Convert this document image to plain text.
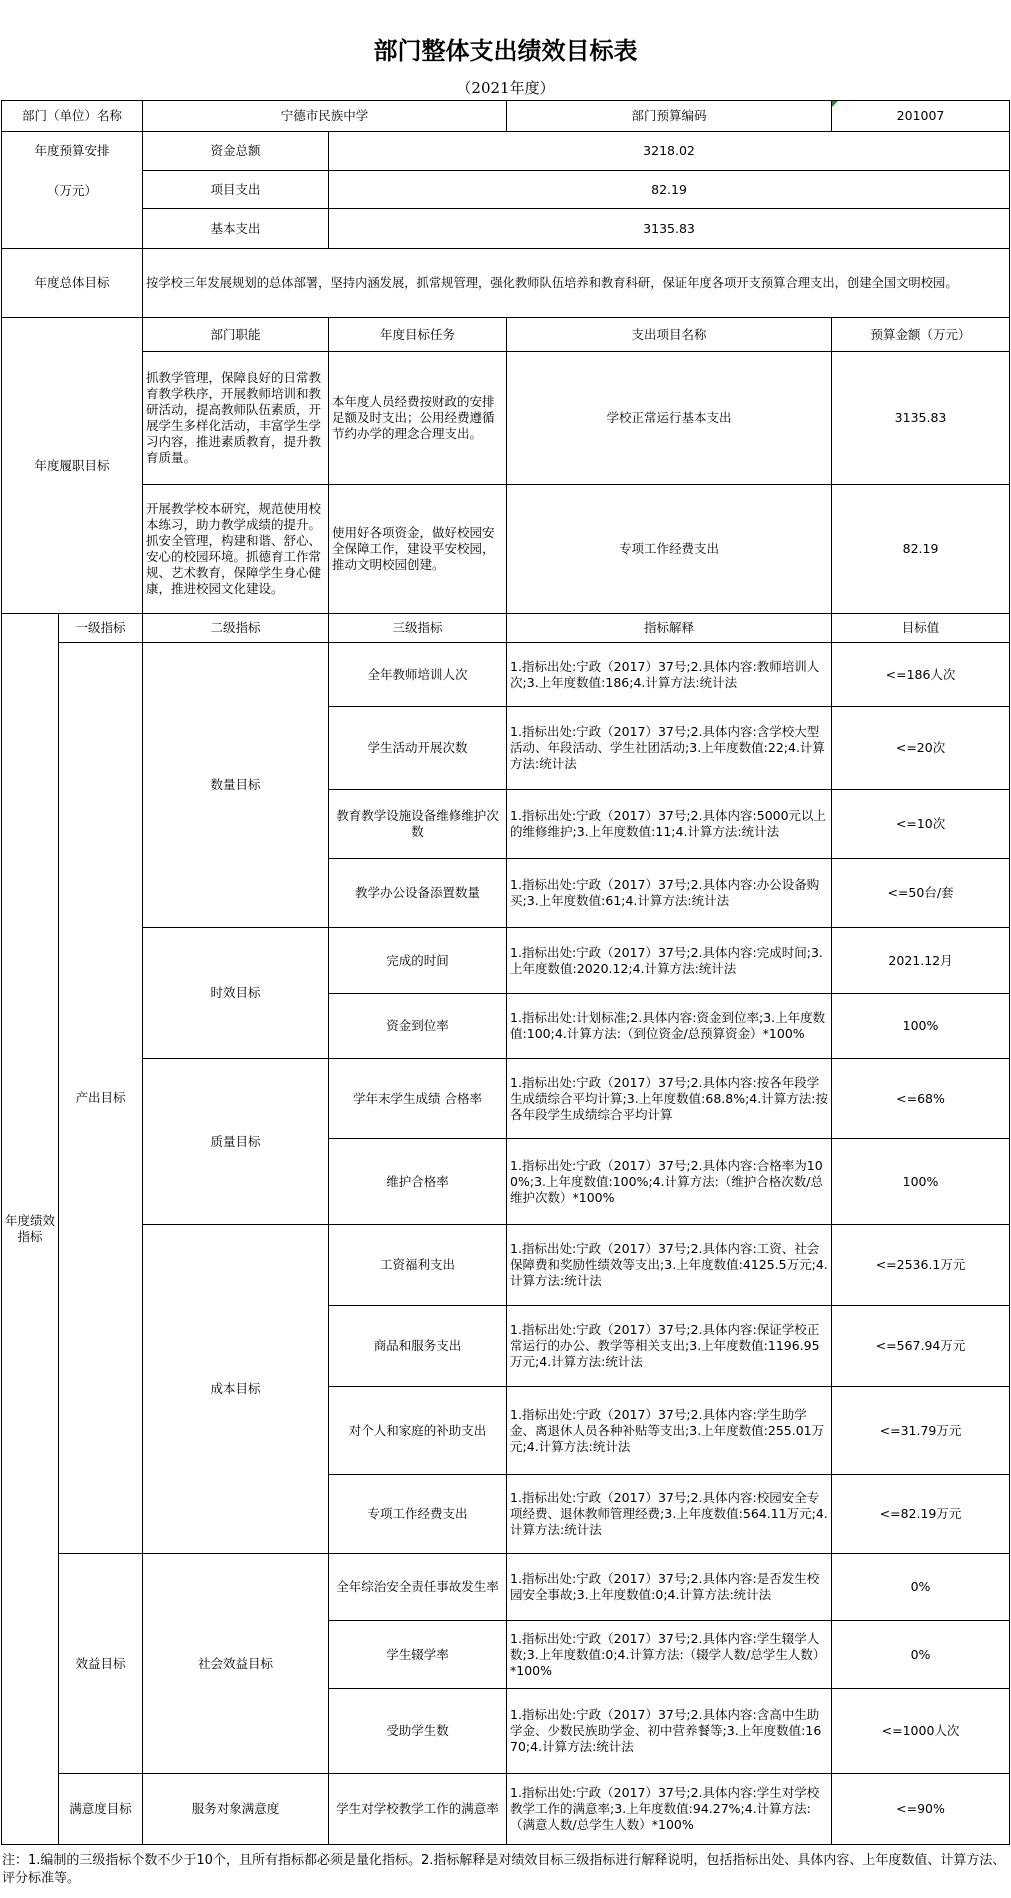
部门整体支出绩效目标表
（2021年度）
部门（单位）名称		宁德市民族中学		部门预算编码	201007

年度预算安排
（万元）		资金总额	3218.02		
		项目支出	82.19		
		基本支出	3135.83		
年度总体目标		按学校三年发展规划的总体部署，坚持内涵发展，抓常规管理，强化教师队伍培养和教育科研，保证年度各项开支预算合理支出，创建全国文明校园。			
年度履职目标		部门职能	年度目标任务	支出项目名称	预算金额（万元）
		抓教学管理，保障良好的日常教育教学秩序，开展教师培训和教研活动，提高教师队伍素质，开展学生多样化活动，丰富学生学习内容，推进素质教育，提升教育质量。	本年度人员经费按财政的安排足额及时支出；公用经费遵循节约办学的理念合理支出。	学校正常运行基本支出	3135.83
		开展教学校本研究，规范使用校本练习，助力教学成绩的提升。抓安全管理，构建和谐、舒心、安心的校园环境。抓德育工作常规、艺术教育，保障学生身心健康，推进校园文化建设。	使用好各项资金，做好校园安全保障工作，建设平安校园，推动文明校园创建。	专项工作经费支出	82.19
年度绩效指标	一级指标	二级指标	三级指标	指标解释	目标值
	产出目标	数量目标	全年教师培训人次	1.指标出处:宁政（2017）37号;2.具体内容:教师培训人次;3.上年度数值:186;4.计算方法:统计法	<=186人次
			学生活动开展次数	1.指标出处:宁政（2017）37号;2.具体内容:含学校大型活动、年段活动、学生社团活动;3.上年度数值:22;4.计算方法:统计法	<=20次
			教育教学设施设备维修维护次数	1.指标出处:宁政（2017）37号;2.具体内容:5000元以上的维修维护;3.上年度数值:11;4.计算方法:统计法	<=10次
			教学办公设备添置数量	1.指标出处:宁政（2017）37号;2.具体内容:办公设备购买;3.上年度数值:61;4.计算方法:统计法	<=50台/套
		时效目标	完成的时间	1.指标出处:宁政（2017）37号;2.具体内容:完成时间;3.上年度数值:2020.12;4.计算方法:统计法	2021.12月
			资金到位率	1.指标出处:计划标准;2.具体内容:资金到位率;3.上年度数值:100;4.计算方法:（到位资金/总预算资金）*100%	100%
		质量目标	学年末学生成绩 合格率	1.指标出处:宁政（2017）37号;2.具体内容:按各年段学生成绩综合平均计算;3.上年度数值:68.8%;4.计算方法:按各年段学生成绩综合平均计算	<=68%
			维护合格率	1.指标出处:宁政（2017）37号;2.具体内容:合格率为100%;3.上年度数值:100%;4.计算方法:（维护合格次数/总维护次数）*100%	100%
		成本目标	工资福利支出	1.指标出处:宁政（2017）37号;2.具体内容:工资、社会保障费和奖励性绩效等支出;3.上年度数值:4125.5万元;4.计算方法:统计法	<=2536.1万元
			商品和服务支出	1.指标出处:宁政（2017）37号;2.具体内容:保证学校正常运行的办公、教学等相关支出;3.上年度数值:1196.95万元;4.计算方法:统计法	<=567.94万元
			对个人和家庭的补助支出	1.指标出处:宁政（2017）37号;2.具体内容:学生助学金、离退休人员各种补贴等支出;3.上年度数值:255.01万元;4.计算方法:统计法	<=31.79万元
			专项工作经费支出	1.指标出处:宁政（2017）37号;2.具体内容:校园安全专项经费、退休教师管理经费;3.上年度数值:564.11万元;4.计算方法:统计法	<=82.19万元
	效益目标	社会效益目标	全年综治安全责任事故发生率	1.指标出处:宁政（2017）37号;2.具体内容:是否发生校园安全事故;3.上年度数值:0;4.计算方法:统计法	0%
			学生辍学率	1.指标出处:宁政（2017）37号;2.具体内容:学生辍学人数;3.上年度数值:0;4.计算方法:（辍学人数/总学生人数）*100%	0%
			受助学生数	1.指标出处:宁政（2017）37号;2.具体内容:含高中生助学金、少数民族助学金、初中营养餐等;3.上年度数值:1670;4.计算方法:统计法	<=1000人次
	满意度目标	服务对象满意度	学生对学校教学工作的满意率	1.指标出处:宁政（2017）37号;2.具体内容:学生对学校教学工作的满意率;3.上年度数值:94.27%;4.计算方法:（满意人数/总学生人数）*100%	<=90%
注：1.编制的三级指标个数不少于10个，且所有指标都必须是量化指标。2.指标解释是对绩效目标三级指标进行解释说明，包括指标出处、具体内容、上年度数值、计算方法、评分标准等。
